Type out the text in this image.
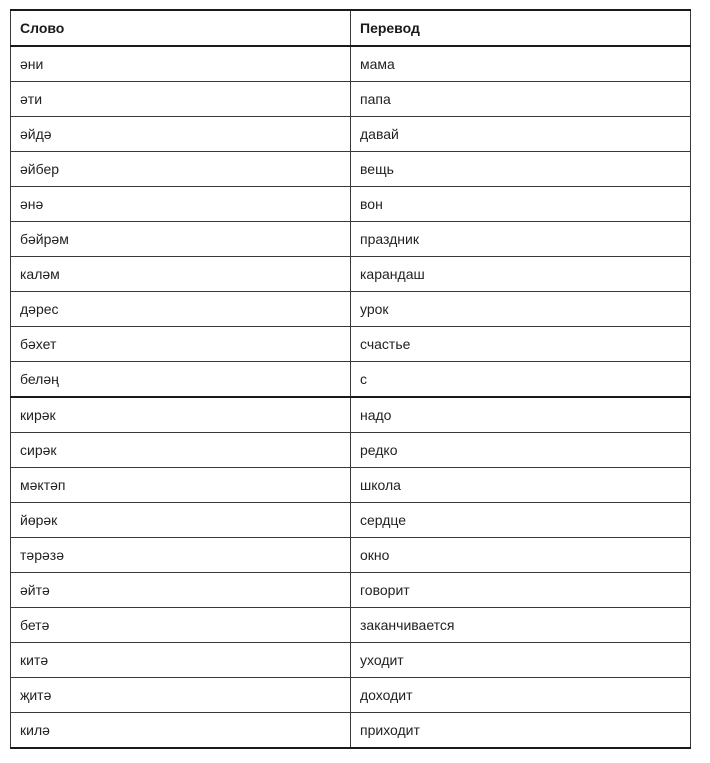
Слово	Перевод
әни	мама
әти	папа
әйдә	давай
әйбер	вещь
әнә	вон
бәйрәм	праздник
каләм	карандаш
дәрес	урок
бәхет	счастье
беләң	с
кирәк	надо
сирәк	редко
мәктәп	школа
йөрәк	сердце
тәрәзә	окно
әйтә	говорит
бетә	заканчивается
китә	уходит
җитә	доходит
килә	приходит
